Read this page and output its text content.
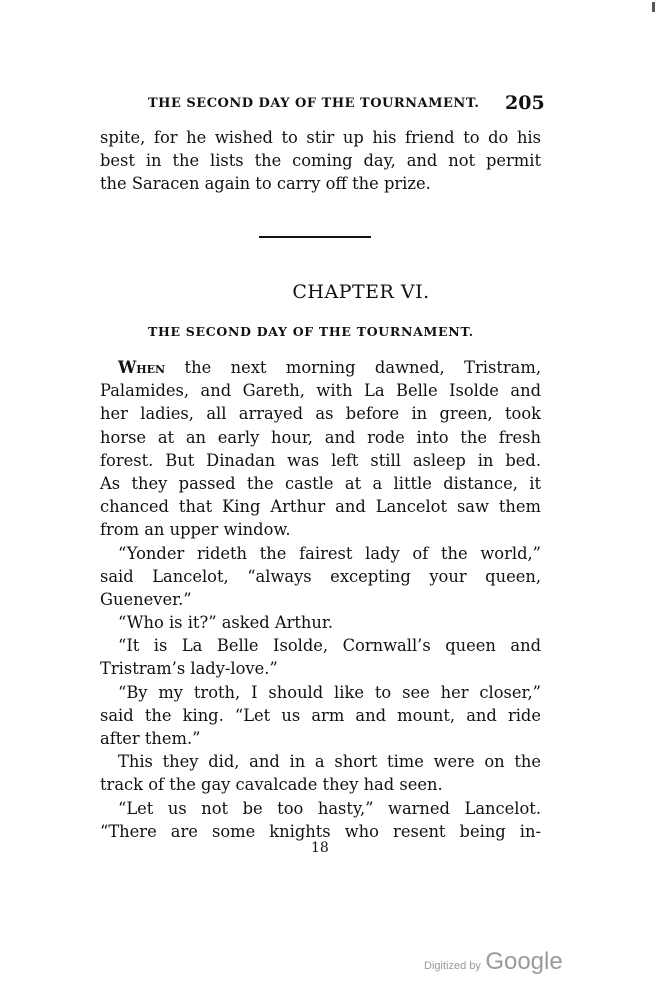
THE SECOND DAY OF THE TOURNAMENT. 205
spite, for he wished to stir up his friend to do his
best in the lists the coming day, and not permit
the Saracen again to carry off the prize.
CHAPTER VI.
THE SECOND DAY OF THE TOURNAMENT.
When the next morning dawned, Tristram,
Palamides, and Gareth, with La Belle Isolde and
her ladies, all arrayed as before in green, took
horse at an early hour, and rode into the fresh
forest. But Dinadan was left still asleep in bed.
As they passed the castle at a little distance, it
chanced that King Arthur and Lancelot saw them
from an upper window.
“Yonder rideth the fairest lady of the world,”
said Lancelot, “always excepting your queen,
Guenever.”
“Who is it?” asked Arthur.
“It is La Belle Isolde, Cornwall’s queen and
Tristram’s lady-love.”
“By my troth, I should like to see her closer,”
said the king. “Let us arm and mount, and ride
after them.”
This they did, and in a short time were on the
track of the gay cavalcade they had seen.
“Let us not be too hasty,” warned Lancelot.
“There are some knights who resent being in-
18
Digitized by Google
